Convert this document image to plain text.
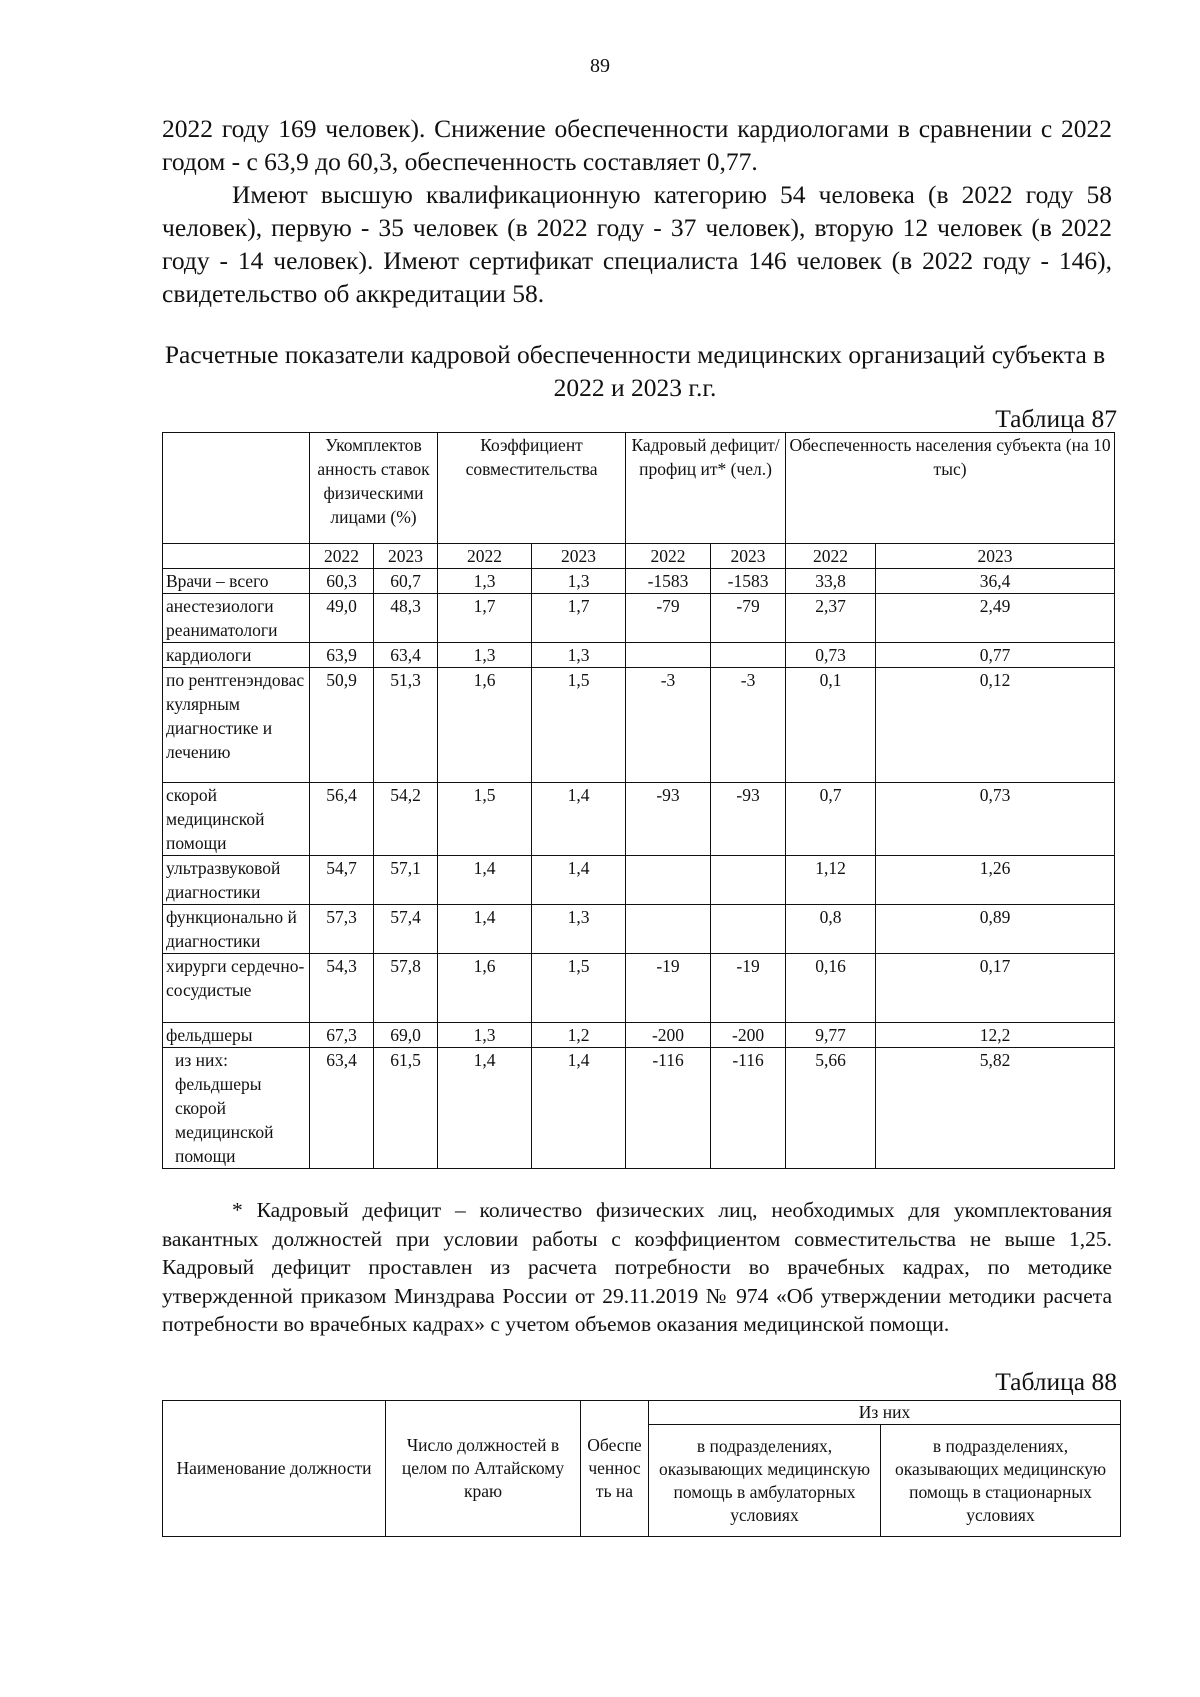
89

2022 году 169 человек). Снижение обеспеченности кардиологами в сравнении с 2022 годом - с 63,9 до 60,3, обеспеченность составляет 0,77.

Имеют высшую квалификационную категорию 54 человека (в 2022 году 58 человек), первую - 35 человек (в 2022 году - 37 человек), вторую 12 человек (в 2022 году - 14 человек). Имеют сертификат специалиста 146 человек (в 2022 году - 146), свидетельство об аккредитации 58.

Расчетные показатели кадровой обеспеченности медицинских организаций субъекта в 2022 и 2023 г.г.
Таблица 87
	Укомплектов анность ставок физическими лицами (%)		Коэффициент совместительства		Кадровый дефицит/профиц ит* (чел.)		Обеспеченность населения субъекта (на 10 тыс)	
	2022	2023	2022	2023	2022	2023	2022	2023
Врачи – всего	60,3	60,7	1,3	1,3	-1583	-1583	33,8	36,4
анестезиологи реаниматологи	49,0	48,3	1,7	1,7	-79	-79	2,37	2,49
кардиологи	63,9	63,4	1,3	1,3			0,73	0,77
по рентгенэндовас кулярным диагностике и лечению	50,9	51,3	1,6	1,5	-3	-3	0,1	0,12
скорой медицинской помощи	56,4	54,2	1,5	1,4	-93	-93	0,7	0,73
ультразвуковой диагностики	54,7	57,1	1,4	1,4			1,12	1,26
функционально й диагностики	57,3	57,4	1,4	1,3			0,8	0,89
хирурги сердечно-сосудистые	54,3	57,8	1,6	1,5	-19	-19	0,16	0,17
фельдшеры	67,3	69,0	1,3	1,2	-200	-200	9,77	12,2
из них: фельдшеры скорой медицинской помощи	63,4	61,5	1,4	1,4	-116	-116	5,66	5,82

* Кадровый дефицит – количество физических лиц, необходимых для укомплектования вакантных должностей при условии работы с коэффициентом совместительства не выше 1,25. Кадровый дефицит проставлен из расчета потребности во врачебных кадрах, по методике утвержденной приказом Минздрава России от 29.11.2019 № 974 «Об утверждении методики расчета потребности во врачебных кадрах» с учетом объемов оказания медицинской помощи.

Таблица 88
Наименование должности	Число должностей в целом по Алтайскому краю	Обеспе ченнос ть на	Из них	
			в подразделениях, оказывающих медицинскую помощь в амбулаторных условиях	в подразделениях, оказывающих медицинскую помощь в стационарных условиях
